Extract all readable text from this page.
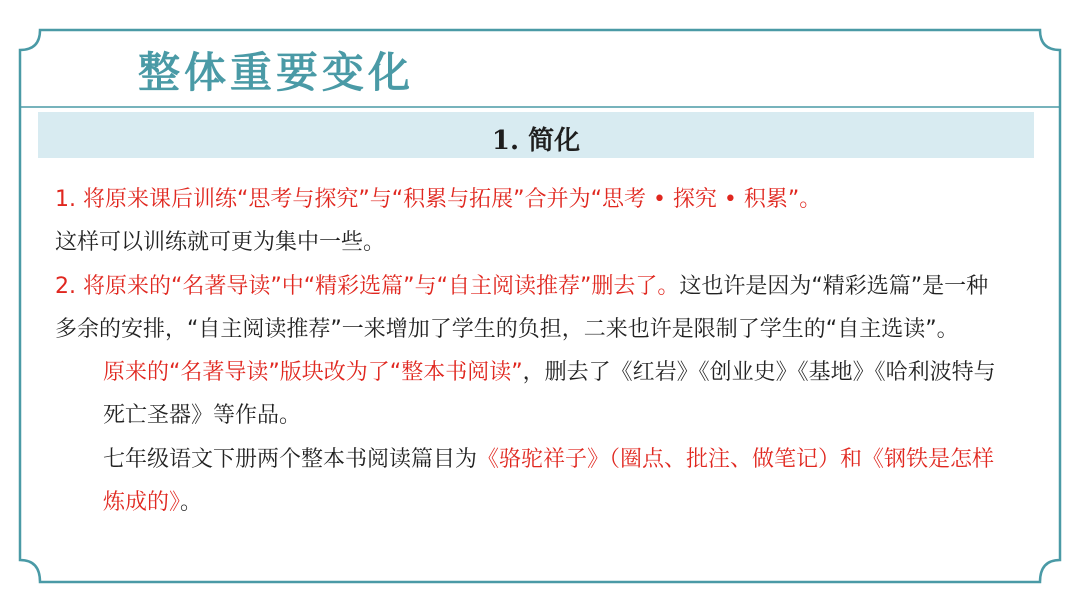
整体重要变化
1. 简化

1. 将原来课后训练“思考与探究”与“积累与拓展”合并为“思考 • 探究 • 积累”。
这样可以训练就可更为集中一些。

2. 将原来的“名著导读”中“精彩选篇”与“自主阅读推荐”删去了。这也许是因为“精彩选篇”是一种多余的安排，“自主阅读推荐”一来增加了学生的负担，二来也许是限制了学生的“自主选读”。

原来的“名著导读”版块改为了“整本书阅读”，删去了《红岩》《创业史》《基地》《哈利波特与死亡圣器》等作品。

七年级语文下册两个整本书阅读篇目为《骆驼祥子》（圈点、批注、做笔记）和《钢铁是怎样炼成的》。
